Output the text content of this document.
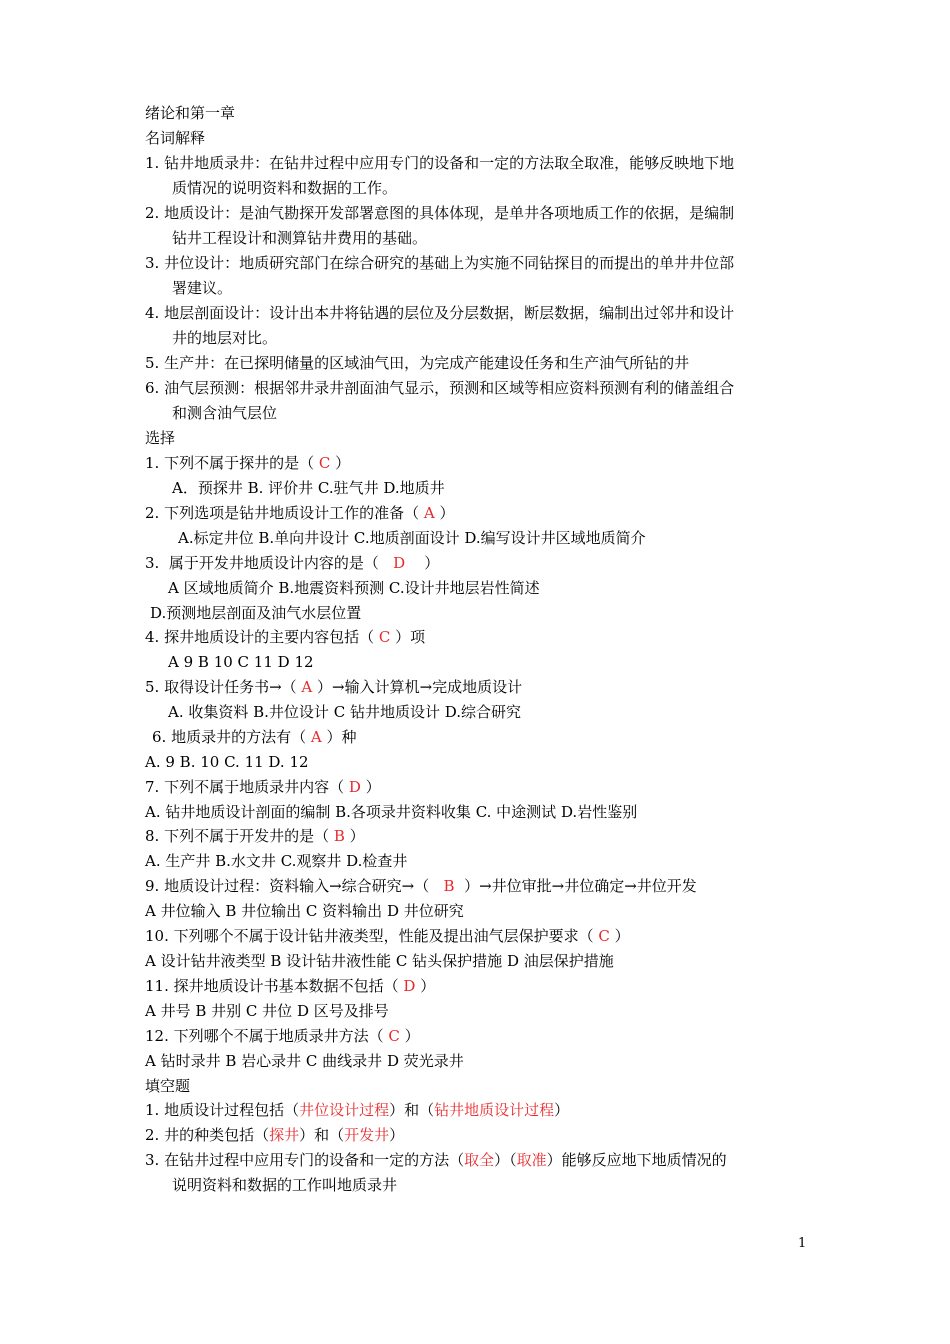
绪论和第一章
名词解释
1. 钻井地质录井：在钻井过程中应用专门的设备和一定的方法取全取准，能够反映地下地
质情况的说明资料和数据的工作。
2. 地质设计：是油气勘探开发部署意图的具体体现，是单井各项地质工作的依据，是编制
钻井工程设计和测算钻井费用的基础。
3. 井位设计：地质研究部门在综合研究的基础上为实施不同钻探目的而提出的单井井位部
署建议。
4. 地层剖面设计：设计出本井将钻遇的层位及分层数据，断层数据，编制出过邻井和设计
井的地层对比。
5. 生产井：在已探明储量的区域油气田，为完成产能建设任务和生产油气所钻的井
6. 油气层预测：根据邻井录井剖面油气显示，预测和区域等相应资料预测有利的储盖组合
和测含油气层位
选择
1. 下列不属于探井的是（ C ）
A．预探井 B. 评价井 C.驻气井 D.地质井
2. 下列选项是钻井地质设计工作的准备（ A ）
A.标定井位 B.单向井设计 C.地质剖面设计 D.编写设计井区域地质简介
3.  属于开发井地质设计内容的是（   D    ）
A 区域地质简介 B.地震资料预测 C.设计井地层岩性简述
D.预测地层剖面及油气水层位置
4. 探井地质设计的主要内容包括（ C ）项
A 9 B 10 C 11 D 12
5. 取得设计任务书→（ A ）→输入计算机→完成地质设计
A. 收集资料 B.井位设计 C 钻井地质设计 D.综合研究
6. 地质录井的方法有（ A ）种
A. 9 B. 10 C. 11 D. 12
7. 下列不属于地质录井内容（ D ）
A. 钻井地质设计剖面的编制 B.各项录井资料收集 C. 中途测试 D.岩性鉴别
8. 下列不属于开发井的是（ B ）
A. 生产井 B.水文井 C.观察井 D.检查井
9. 地质设计过程：资料输入→综合研究→（   B  ）→井位审批→井位确定→井位开发
A 井位输入 B 井位输出 C 资料输出 D 井位研究
10. 下列哪个不属于设计钻井液类型，性能及提出油气层保护要求（ C ）
A 设计钻井液类型 B 设计钻井液性能 C 钻头保护措施 D 油层保护措施
11. 探井地质设计书基本数据不包括（ D ）
A 井号 B 井别 C 井位 D 区号及排号
12. 下列哪个不属于地质录井方法（ C ）
A 钻时录井 B 岩心录井 C 曲线录井 D 荧光录井
填空题
1. 地质设计过程包括（井位设计过程）和（钻井地质设计过程）
2. 井的种类包括（探井）和（开发井）
3. 在钻井过程中应用专门的设备和一定的方法（取全）（取准）能够反应地下地质情况的
说明资料和数据的工作叫地质录井
1
